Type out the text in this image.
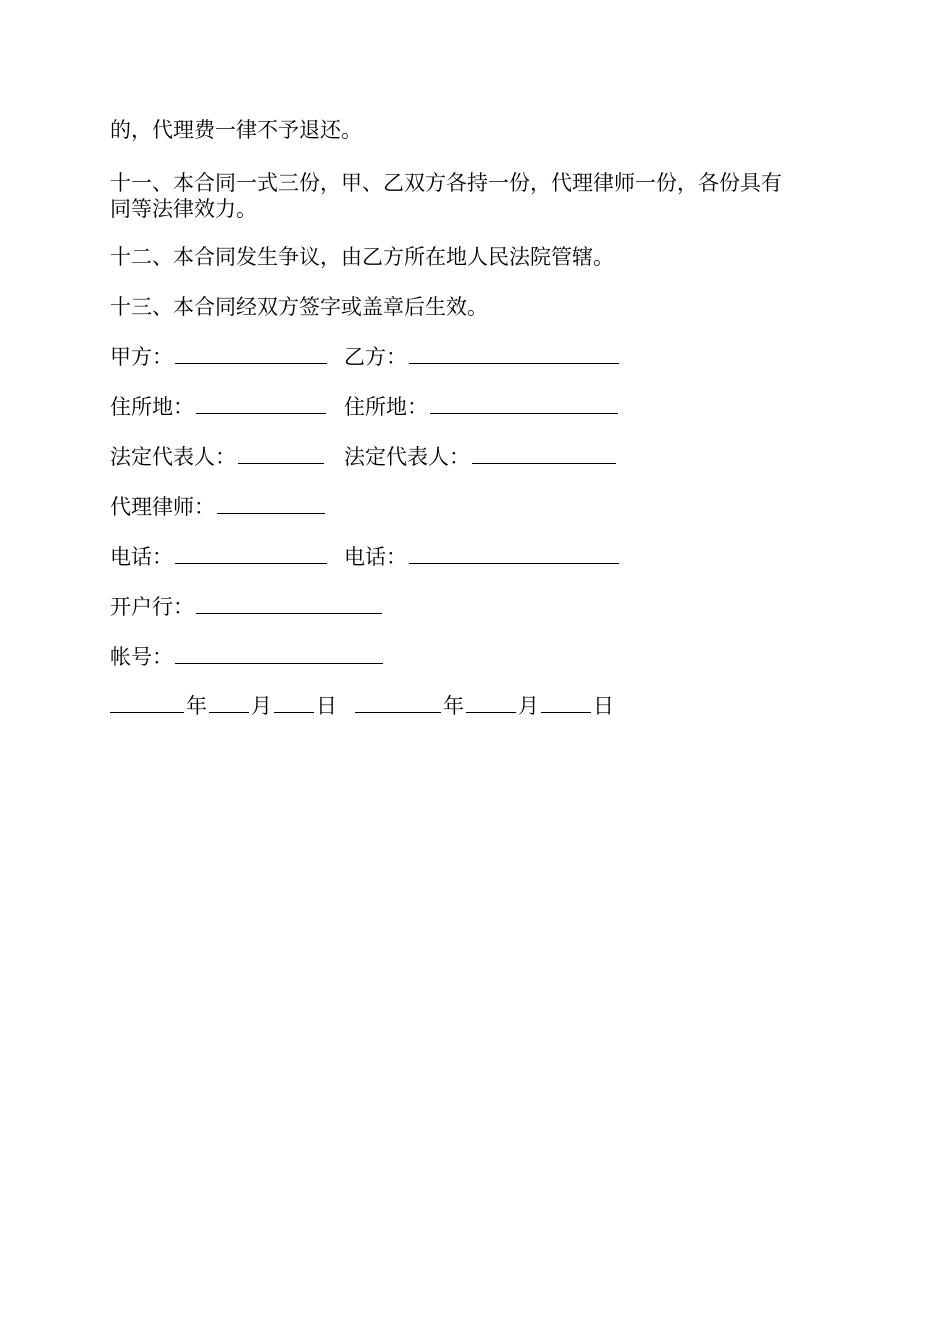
的，代理费一律不予退还。
十一、本合同一式三份，甲、乙双方各持一份，代理律师一份，各份具有
同等法律效力。
十二、本合同发生争议，由乙方所在地人民法院管辖。
十三、本合同经双方签字或盖章后生效。
甲方：	乙方：
住所地：	住所地：
法定代表人：	法定代表人：
代理律师：
电话：	电话：
开户行：
帐号：
年 月 日	年	月	日
